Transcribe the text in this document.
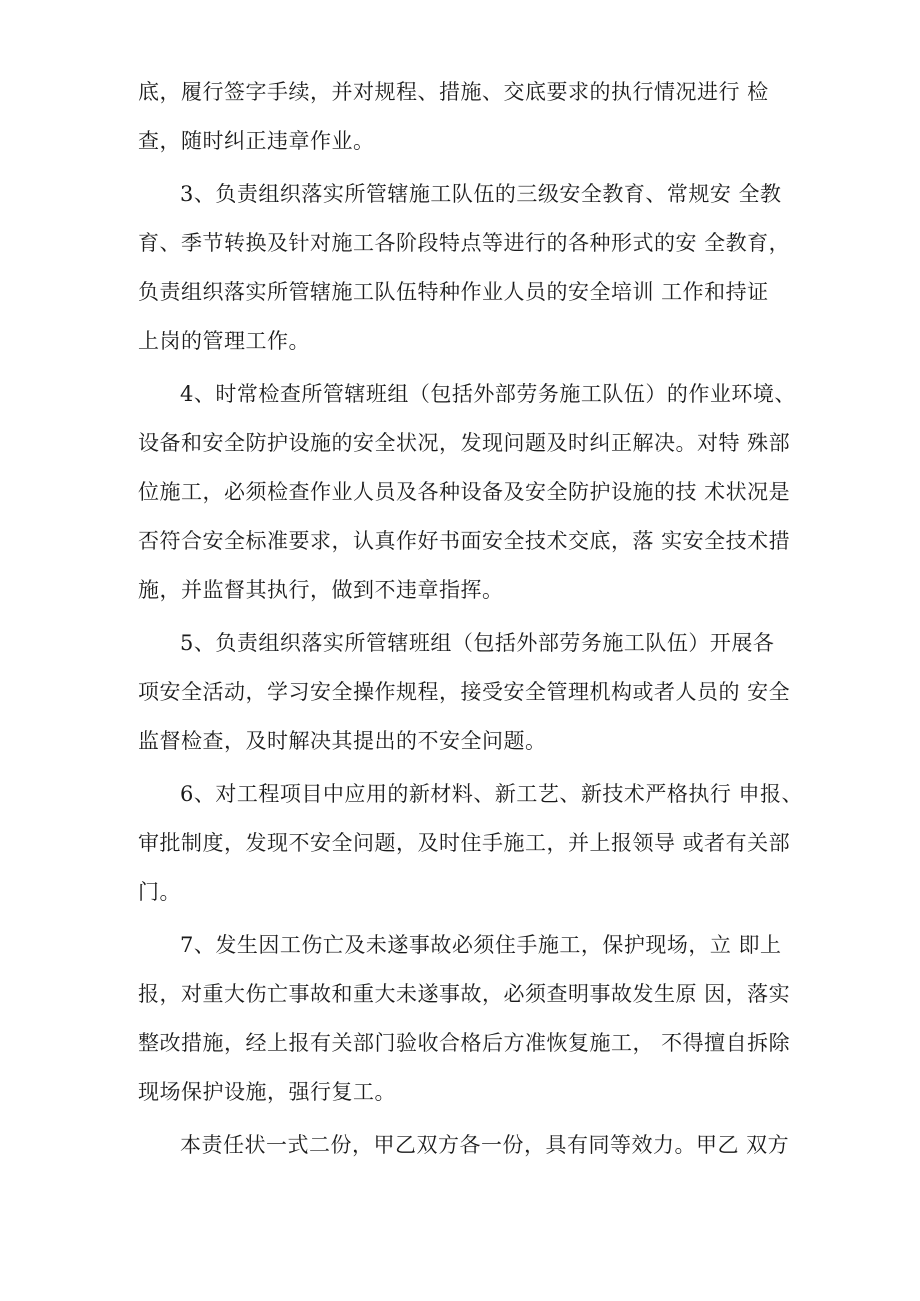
底，履行签字手续，并对规程、措施、交底要求的执行情况进行 检
查，随时纠正违章作业。
3、负责组织落实所管辖施工队伍的三级安全教育、常规安 全教
育、季节转换及针对施工各阶段特点等进行的各种形式的安 全教育，
负责组织落实所管辖施工队伍特种作业人员的安全培训 工作和持证
上岗的管理工作。
4、时常检查所管辖班组（包括外部劳务施工队伍）的作业环境、
设备和安全防护设施的安全状况，发现问题及时纠正解决。对特 殊部
位施工，必须检查作业人员及各种设备及安全防护设施的技 术状况是
否符合安全标准要求，认真作好书面安全技术交底，落 实安全技术措
施，并监督其执行，做到不违章指挥。
5、负责组织落实所管辖班组（包括外部劳务施工队伍）开展各
项安全活动，学习安全操作规程，接受安全管理机构或者人员的 安全
监督检查，及时解决其提出的不安全问题。
6、对工程项目中应用的新材料、新工艺、新技术严格执行 申报、
审批制度，发现不安全问题，及时住手施工，并上报领导 或者有关部
门。
7、发生因工伤亡及未遂事故必须住手施工，保护现场，立 即上
报，对重大伤亡事故和重大未遂事故，必须查明事故发生原 因，落实
整改措施，经上报有关部门验收合格后方准恢复施工， 不得擅自拆除
现场保护设施，强行复工。
本责任状一式二份，甲乙双方各一份，具有同等效力。甲乙 双方
